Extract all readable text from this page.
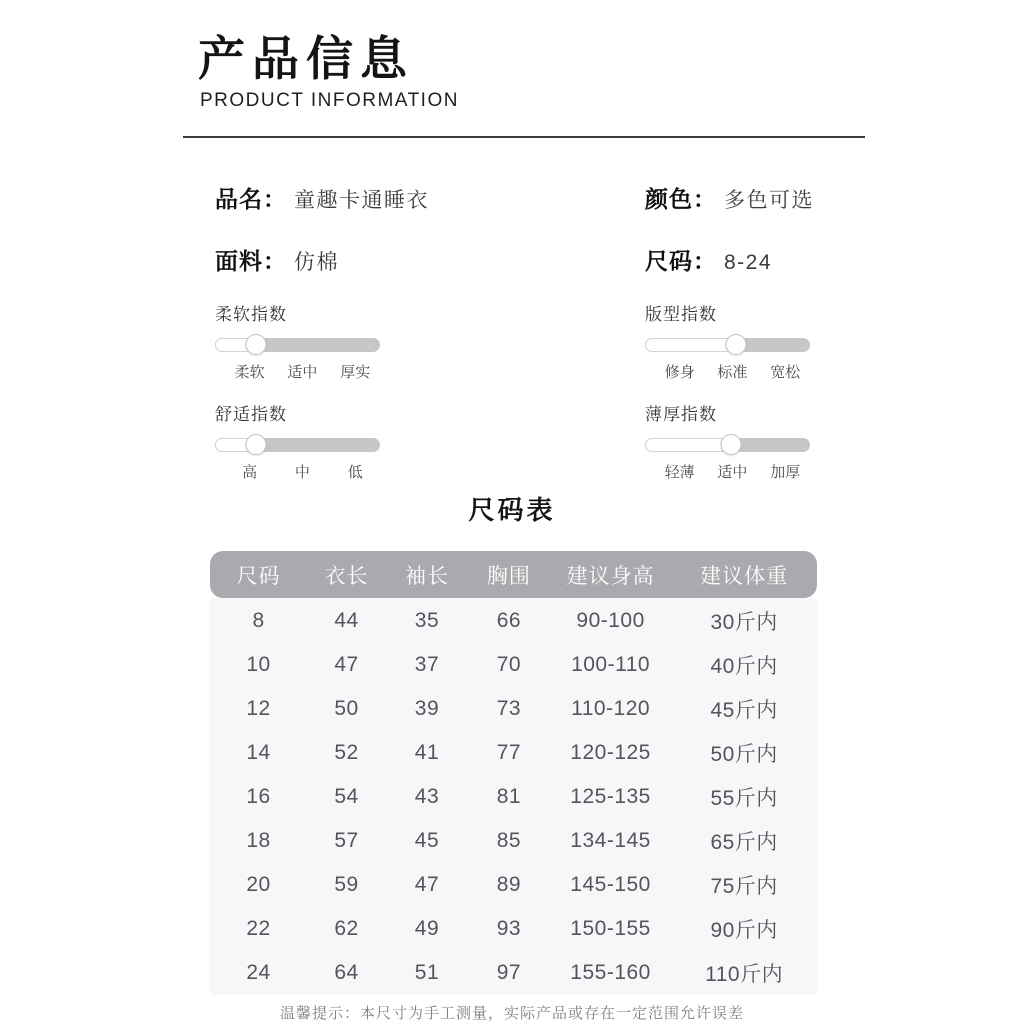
产品信息
PRODUCT INFORMATION
品名： 童趣卡通睡衣	颜色： 多色可选
面料： 仿棉	尺码： 8-24
柔软指数
柔软 适中 厚实
版型指数
修身 标准 宽松
舒适指数
高	中	低
薄厚指数
轻薄 适中 加厚
尺码表
尺码	衣长	袖长	胸围	建议身高	建议体重
8	44	35	66	90-100	30斤内
10	47	37	70	100-110	40斤内
12	50	39	73	110-120	45斤内
14	52	41	77	120-125	50斤内
16	54	43	81	125-135	55斤内
18	57	45	85	134-145	65斤内
20	59	47	89	145-150	75斤内
22	62	49	93	150-155	90斤内
24	64	51	97	155-160	110斤内
温馨提示：本尺寸为手工测量，实际产品或存在一定范围允许误差
